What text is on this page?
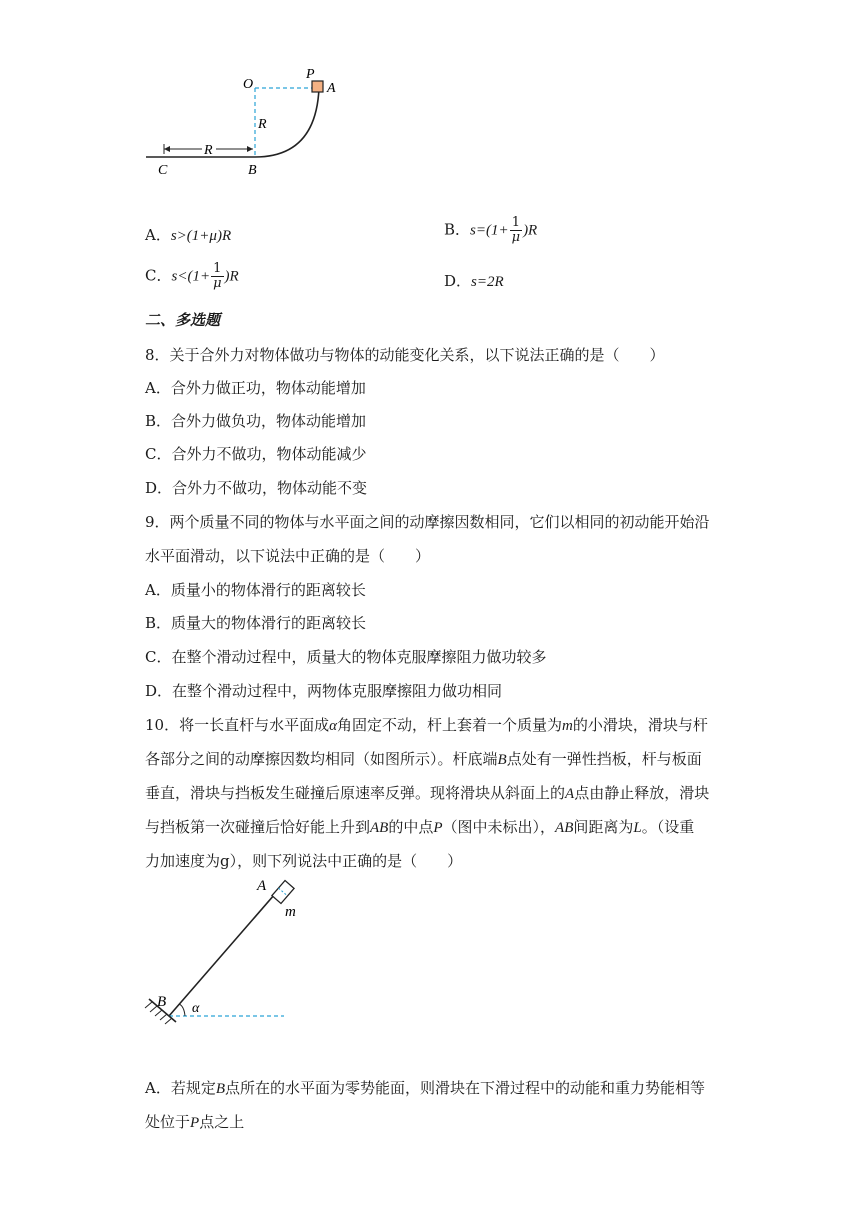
O
P
A
R
R
C	B
A．s>(1+μ)R	B．$s=(1+ \frac{1}{\mu} )R$
C．$s<(1+ \frac{1}{\mu} )R$	D．s=2R
二、多选题
8．关于合外力对物体做功与物体的动能变化关系，以下说法正确的是（　　）
A．合外力做正功，物体动能增加
B．合外力做负功，物体动能增加
C．合外力不做功，物体动能减少
D．合外力不做功，物体动能不变
9．两个质量不同的物体与水平面之间的动摩擦因数相同，它们以相同的初动能开始沿
水平面滑动，以下说法中正确的是（　　）
A．质量小的物体滑行的距离较长
B．质量大的物体滑行的距离较长
C．在整个滑动过程中，质量大的物体克服摩擦阻力做功较多
D．在整个滑动过程中，两物体克服摩擦阻力做功相同
10．将一长直杆与水平面成α角固定不动，杆上套着一个质量为m的小滑块，滑块与杆
各部分之间的动摩擦因数均相同（如图所示）。杆底端B点处有一弹性挡板，杆与板面
垂直，滑块与挡板发生碰撞后原速率反弹。现将滑块从斜面上的A点由静止释放，滑块
与挡板第一次碰撞后恰好能上升到AB的中点P（图中未标出），AB间距离为L。（设重
力加速度为g），则下列说法中正确的是（　　）
A
m
B α
A．若规定B点所在的水平面为零势能面，则滑块在下滑过程中的动能和重力势能相等
处位于P点之上
